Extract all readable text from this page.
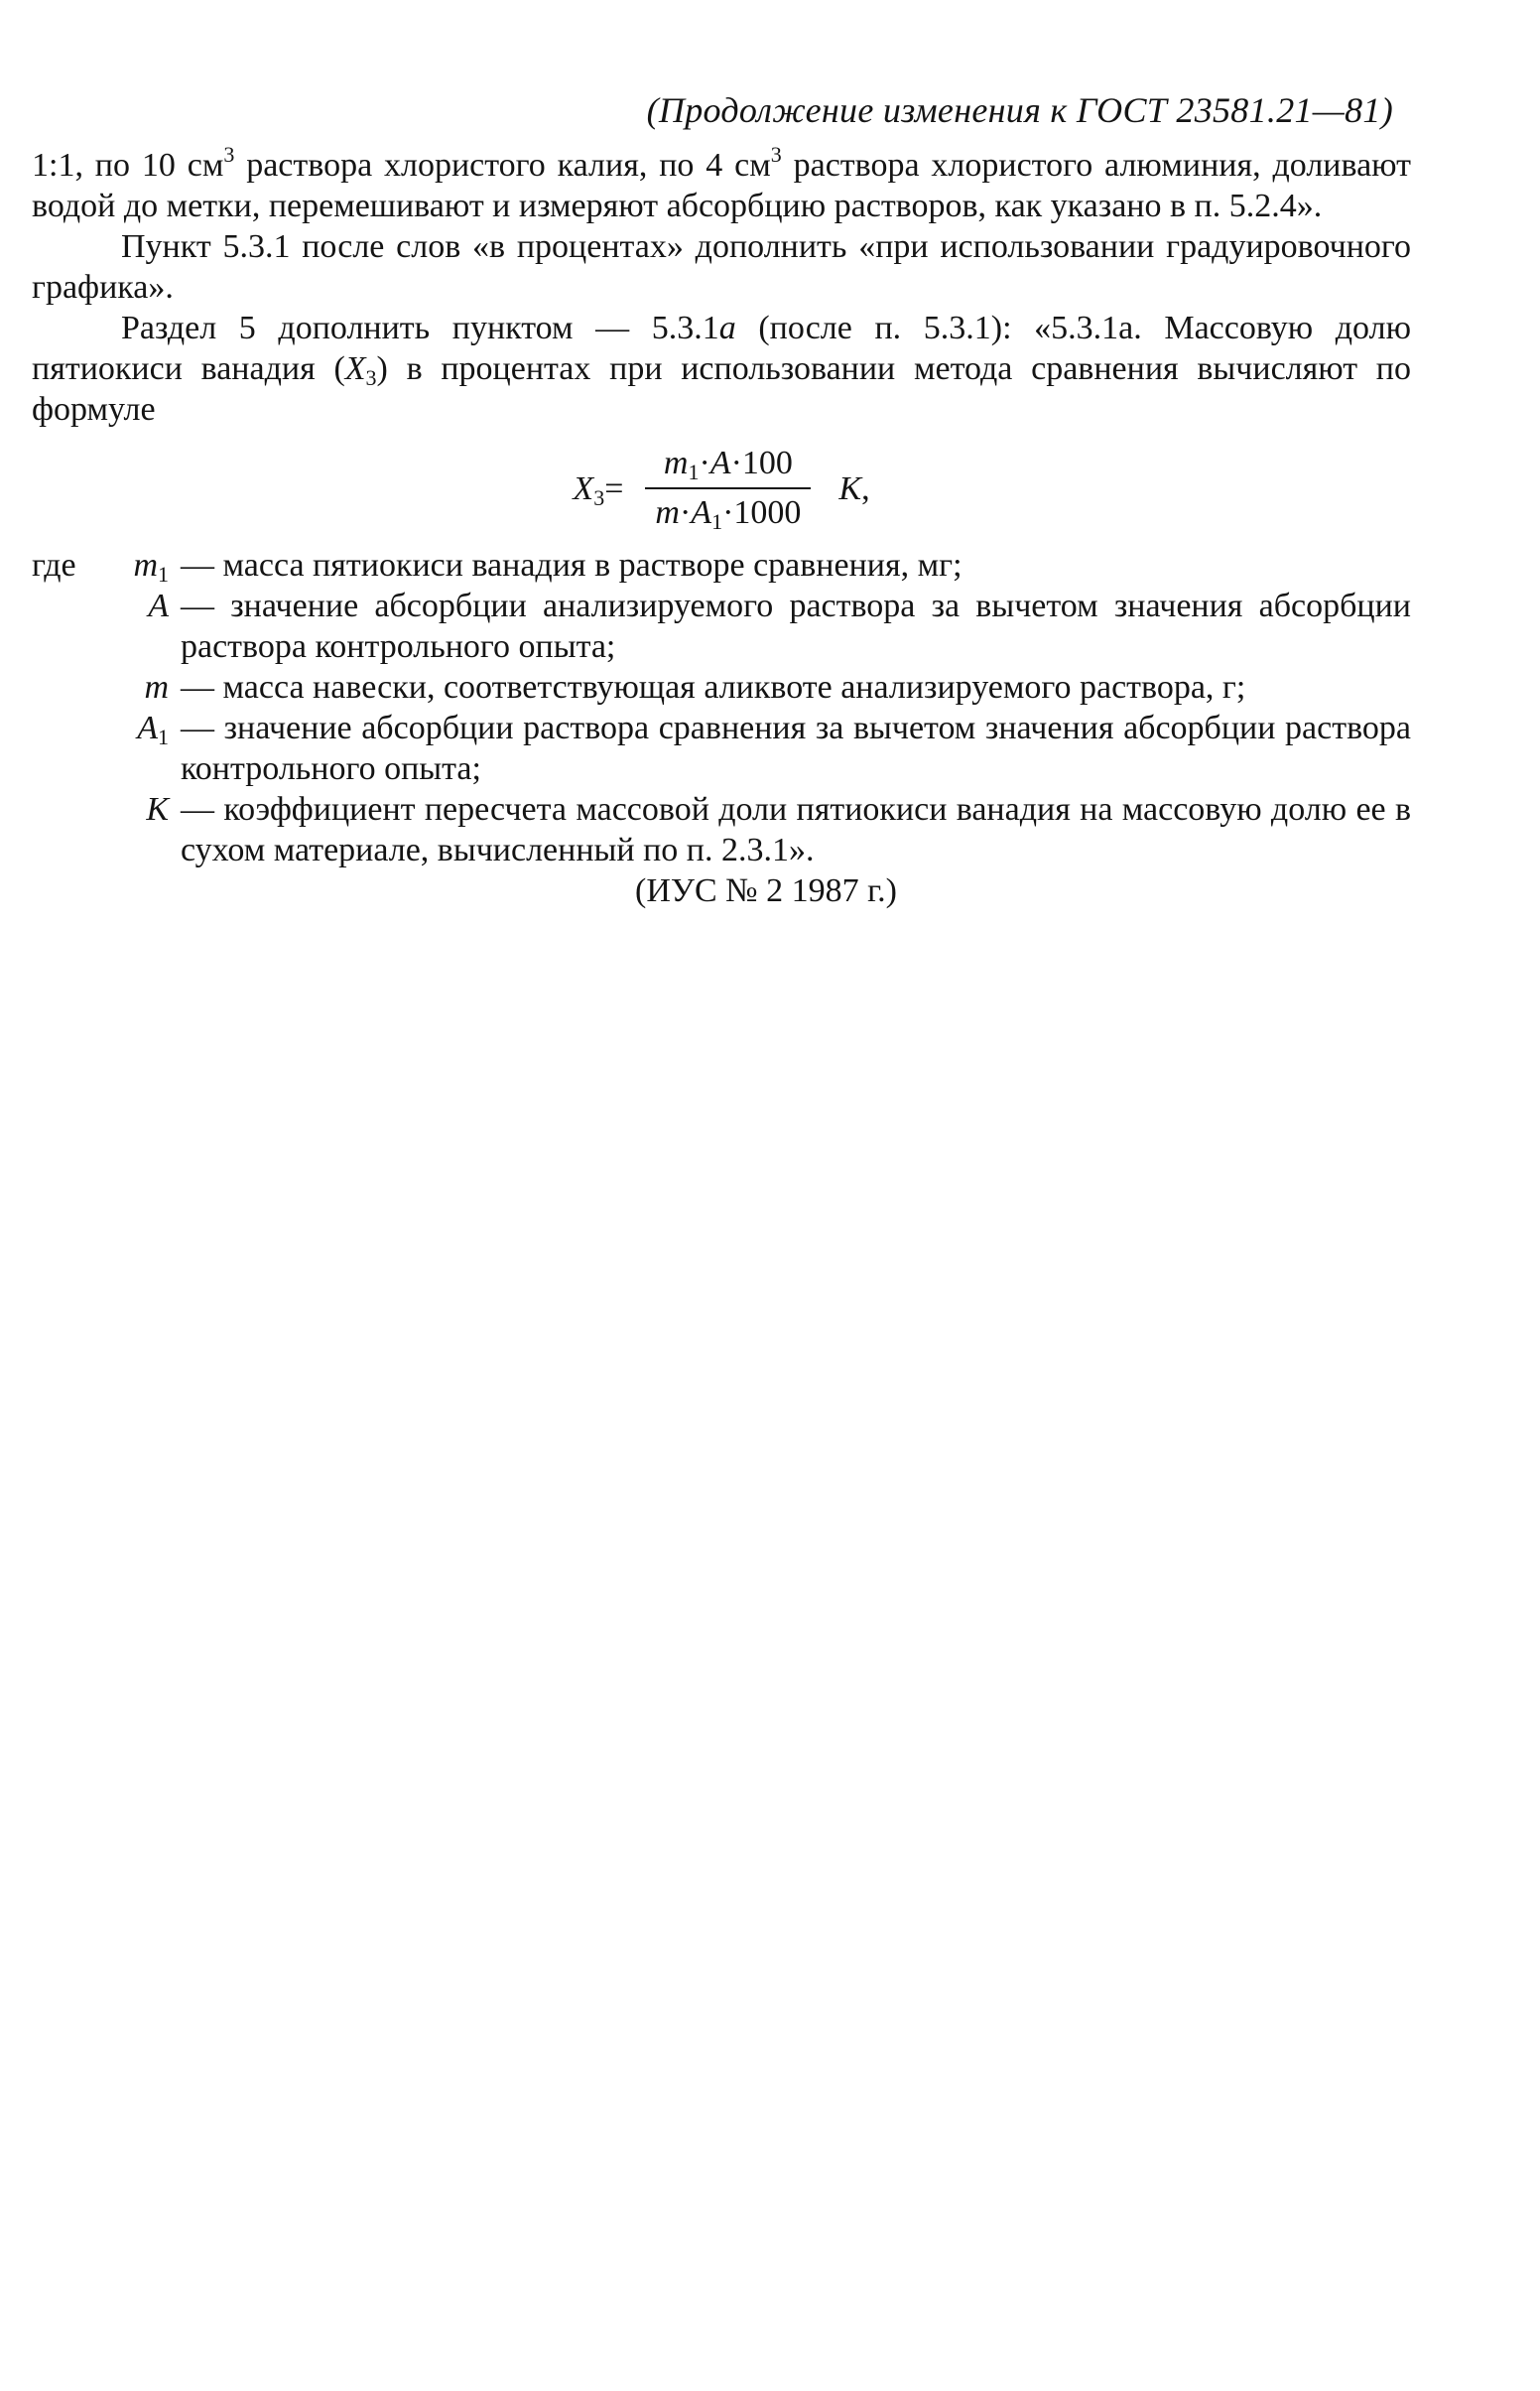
(Продолжение изменения к ГОСТ 23581.21—81)

1:1, по 10 $см^3$ раствора хлористого калия, по 4 $см^3$ раствора хлористого алюминия, доливают водой до метки, перемешивают и измеряют абсорбцию растворов, как указано в п. 5.2.4».

Пункт 5.3.1 после слов «в процентах» дополнить «при использовании градуировочного графика».

Раздел 5 дополнить пунктом — 5.3.1а (после п. 5.3.1): «5.3.1а. Массовую долю пятиокиси ванадия $(X_3)$ в процентах при использовании метода сравнения вычисляют по формуле

$X_3= \frac{m_1\cdot A\cdot 100}{m\cdot A_1\cdot 1000} K$,
где $m_1$ — масса пятиокиси ванадия в растворе сравнения, мг;
A — значение абсорбции анализируемого раствора за вычетом значения абсорбции раствора контрольного опыта;
m — масса навески, соответствующая аликвоте анализируемого раствора, г;
$A_1$ — значение абсорбции раствора сравнения за вычетом значения абсорбции раствора контрольного опыта;
K — коэффициент пересчета массовой доли пятиокиси ванадия на массовую долю ее в сухом материале, вычисленный по п. 2.3.1».

(ИУС № 2 1987 г.)
